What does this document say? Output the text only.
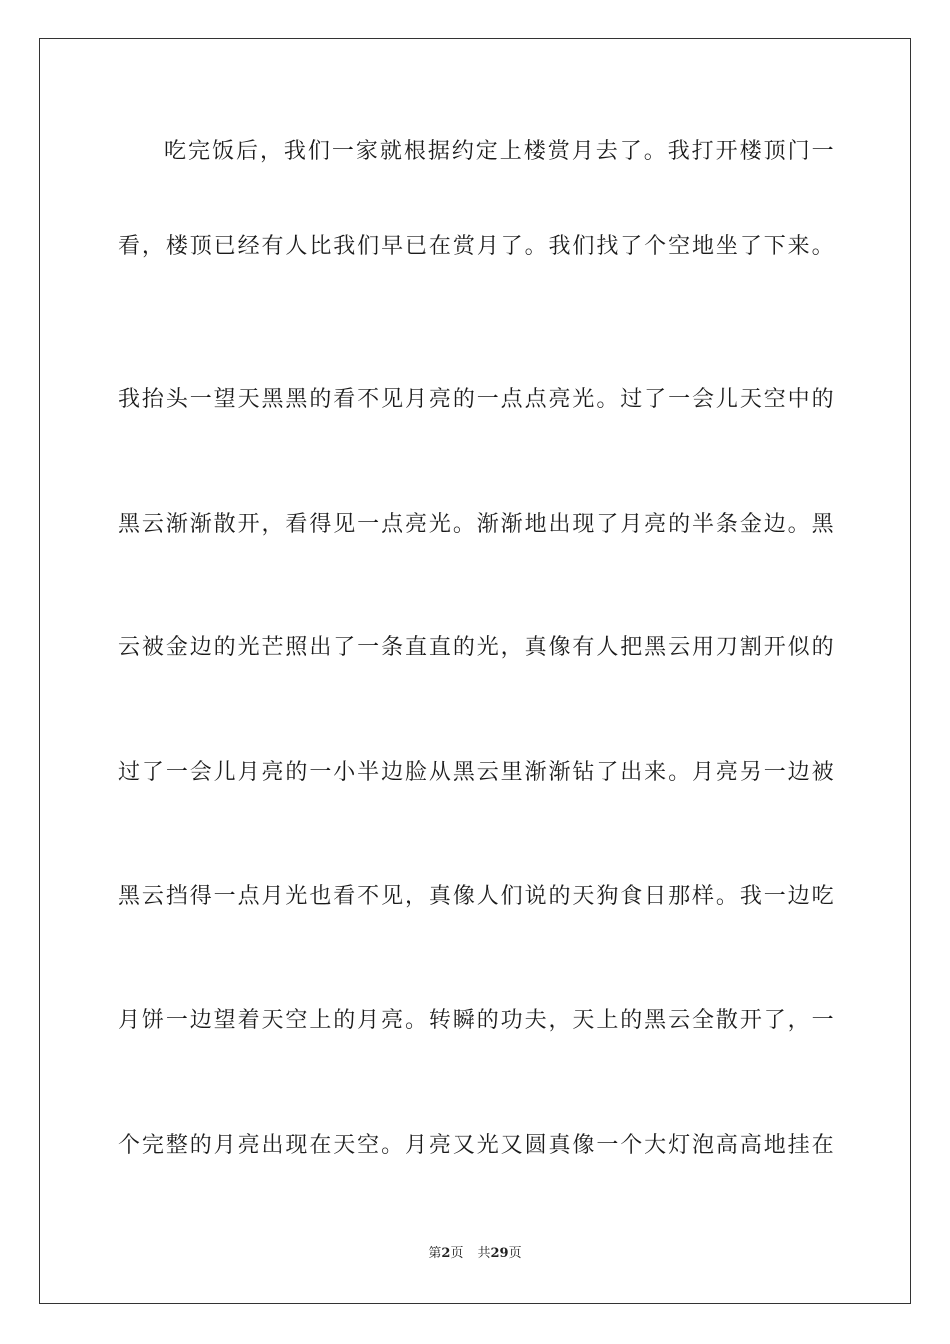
吃完饭后，我们一家就根据约定上楼赏月去了。我打开楼顶门一
看，楼顶已经有人比我们早已在赏月了。我们找了个空地坐了下来。
我抬头一望天黑黑的看不见月亮的一点点亮光。过了一会儿天空中的
黑云渐渐散开，看得见一点亮光。渐渐地出现了月亮的半条金边。黑
云被金边的光芒照出了一条直直的光，真像有人把黑云用刀割开似的
过了一会儿月亮的一小半边脸从黑云里渐渐钻了出来。月亮另一边被
黑云挡得一点月光也看不见，真像人们说的天狗食日那样。我一边吃
月饼一边望着天空上的月亮。转瞬的功夫，天上的黑云全散开了，一
个完整的月亮出现在天空。月亮又光又圆真像一个大灯泡高高地挂在
第2页 共29页
